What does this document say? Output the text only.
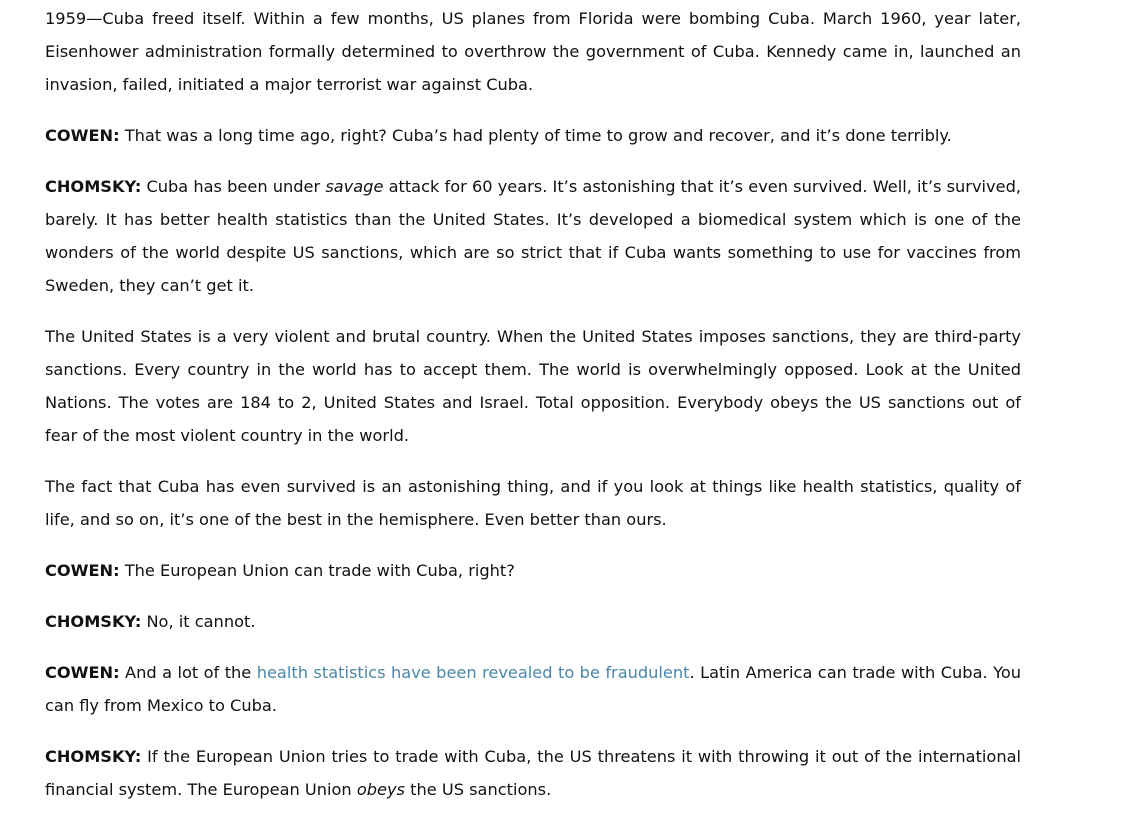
1959—Cuba freed itself. Within a few months, US planes from Florida were bombing Cuba. March 1960, year later, Eisenhower administration formally determined to overthrow the government of Cuba. Kennedy came in, launched an invasion, failed, initiated a major terrorist war against Cuba.

COWEN: That was a long time ago, right? Cuba’s had plenty of time to grow and recover, and it’s done terribly.

CHOMSKY: Cuba has been under savage attack for 60 years. It’s astonishing that it’s even survived. Well, it’s survived, barely. It has better health statistics than the United States. It’s developed a biomedical system which is one of the wonders of the world despite US sanctions, which are so strict that if Cuba wants something to use for vaccines from Sweden, they can’t get it.

The United States is a very violent and brutal country. When the United States imposes sanctions, they are third-party sanctions. Every country in the world has to accept them. The world is overwhelmingly opposed. Look at the United Nations. The votes are 184 to 2, United States and Israel. Total opposition. Everybody obeys the US sanctions out of fear of the most violent country in the world.

The fact that Cuba has even survived is an astonishing thing, and if you look at things like health statistics, quality of life, and so on, it’s one of the best in the hemisphere. Even better than ours.

COWEN: The European Union can trade with Cuba, right?

CHOMSKY: No, it cannot.

COWEN: And a lot of the health statistics have been revealed to be fraudulent. Latin America can trade with Cuba. You can fly from Mexico to Cuba.

CHOMSKY: If the European Union tries to trade with Cuba, the US threatens it with throwing it out of the international financial system. The European Union obeys the US sanctions.
